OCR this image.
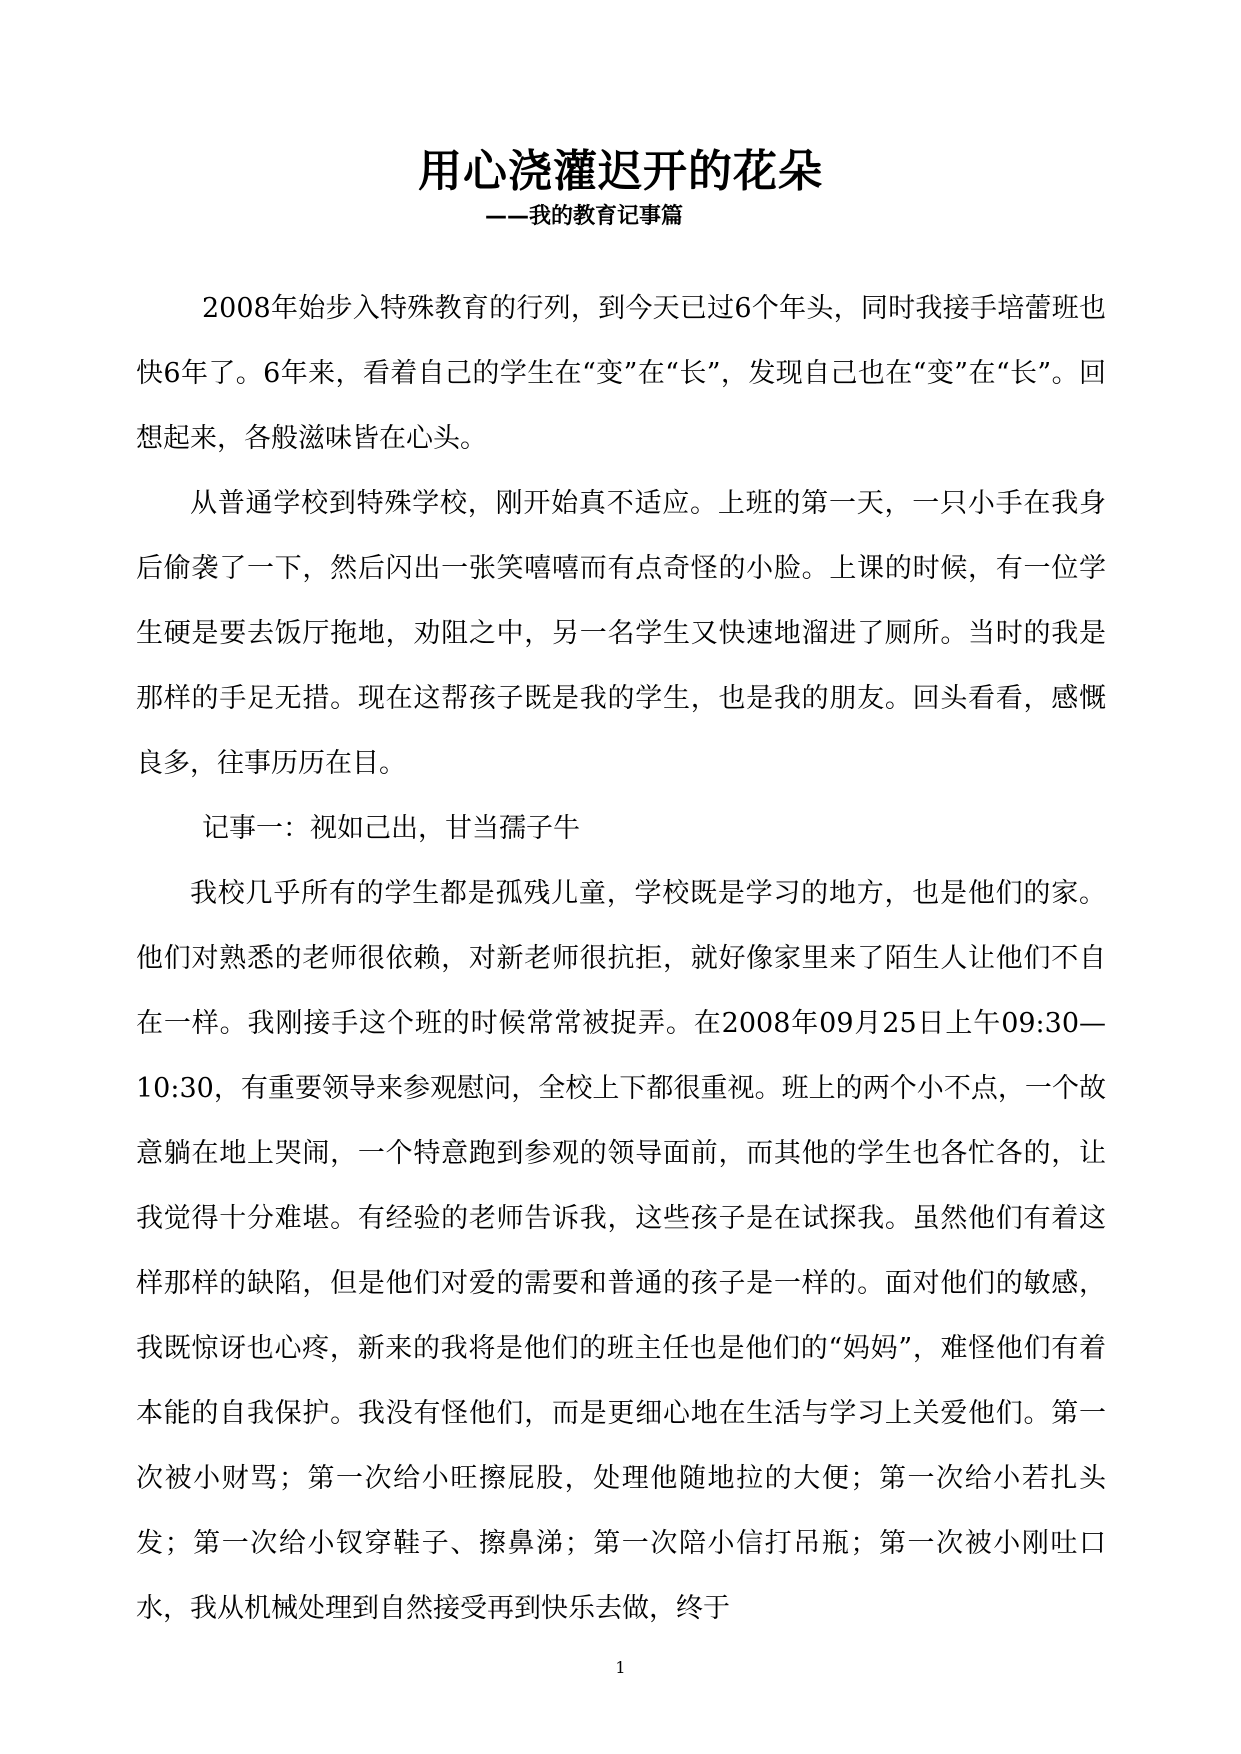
用心浇灌迟开的花朵
——我的教育记事篇

2008年始步入特殊教育的行列，到今天已过6个年头，同时我接手培蕾班也快6年了。6年来，看着自己的学生在“变”在“长”，发现自己也在“变”在“长”。回想起来，各般滋味皆在心头。

从普通学校到特殊学校，刚开始真不适应。上班的第一天，一只小手在我身后偷袭了一下，然后闪出一张笑嘻嘻而有点奇怪的小脸。上课的时候，有一位学生硬是要去饭厅拖地，劝阻之中，另一名学生又快速地溜进了厕所。当时的我是那样的手足无措。现在这帮孩子既是我的学生，也是我的朋友。回头看看，感慨良多，往事历历在目。

记事一：视如己出，甘当孺子牛

我校几乎所有的学生都是孤残儿童，学校既是学习的地方，也是他们的家。他们对熟悉的老师很依赖，对新老师很抗拒，就好像家里来了陌生人让他们不自在一样。我刚接手这个班的时候常常被捉弄。在2008年09月25日上午09:30—10:30，有重要领导来参观慰问，全校上下都很重视。班上的两个小不点，一个故意躺在地上哭闹，一个特意跑到参观的领导面前，而其他的学生也各忙各的，让我觉得十分难堪。有经验的老师告诉我，这些孩子是在试探我。虽然他们有着这样那样的缺陷，但是他们对爱的需要和普通的孩子是一样的。面对他们的敏感，我既惊讶也心疼，新来的我将是他们的班主任也是他们的“妈妈”，难怪他们有着本能的自我保护。我没有怪他们，而是更细心地在生活与学习上关爱他们。第一次被小财骂；第一次给小旺擦屁股，处理他随地拉的大便；第一次给小若扎头发；第一次给小钗穿鞋子、擦鼻涕；第一次陪小信打吊瓶；第一次被小刚吐口水，我从机械处理到自然接受再到快乐去做，终于

1
